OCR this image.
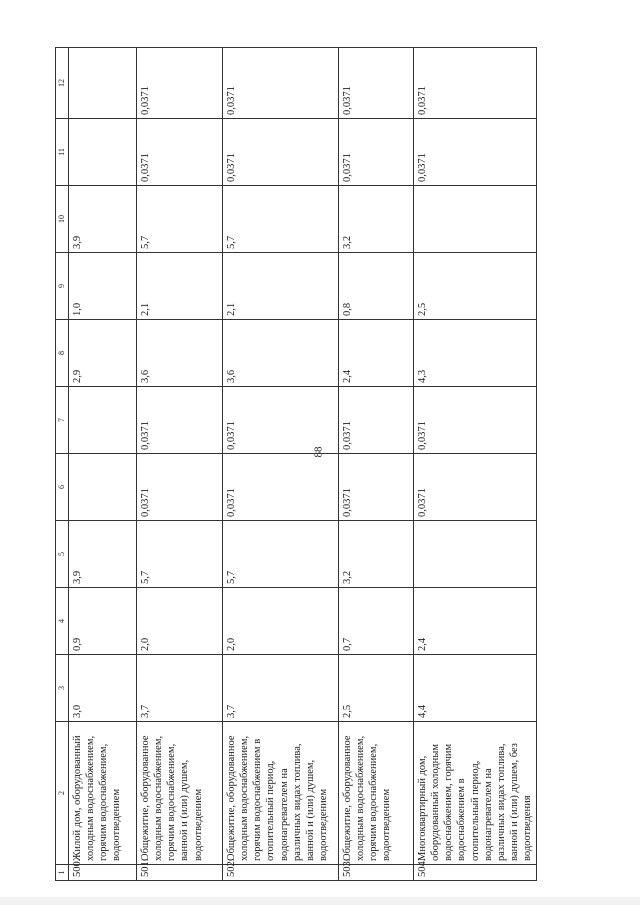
88
1	2	3	4	5	6	7	8	9	10	11	12
500.	Жилой дом, оборудованный холодным водоснабжением, горячим водоснабжением, водоотведением	3,0	0,9	3,9			2,9	1,0	3,9		
501.	Общежитие, оборудованное холодным водоснабжением, горячим водоснабжением, ванной и (или) душем, водоотведением	3,7	2,0	5,7	0,0371	0,0371	3,6	2,1	5,7	0,0371	0,0371
502.	Общежитие, оборудованное холодным водоснабжением, горячим водоснабжением в отопительный период, водонагревателем на различных видах топлива, ванной и (или) душем, водоотведением	3,7	2,0	5,7	0,0371	0,0371	3,6	2,1	5,7	0,0371	0,0371
503.	Общежитие, оборудованное холодным водоснабжением, горячим водоснабжением, водоотведением	2,5	0,7	3,2	0,0371	0,0371	2,4	0,8	3,2	0,0371	0,0371
504.	Многоквартирный дом, оборудованный холодным водоснабжением, горячим водоснабжением в отопительный период, водонагревателем на различных видах топлива, ванной и (или) душем, без водоотведения	4,4	2,4		0,0371	0,0371	4,3	2,5		0,0371	0,0371
